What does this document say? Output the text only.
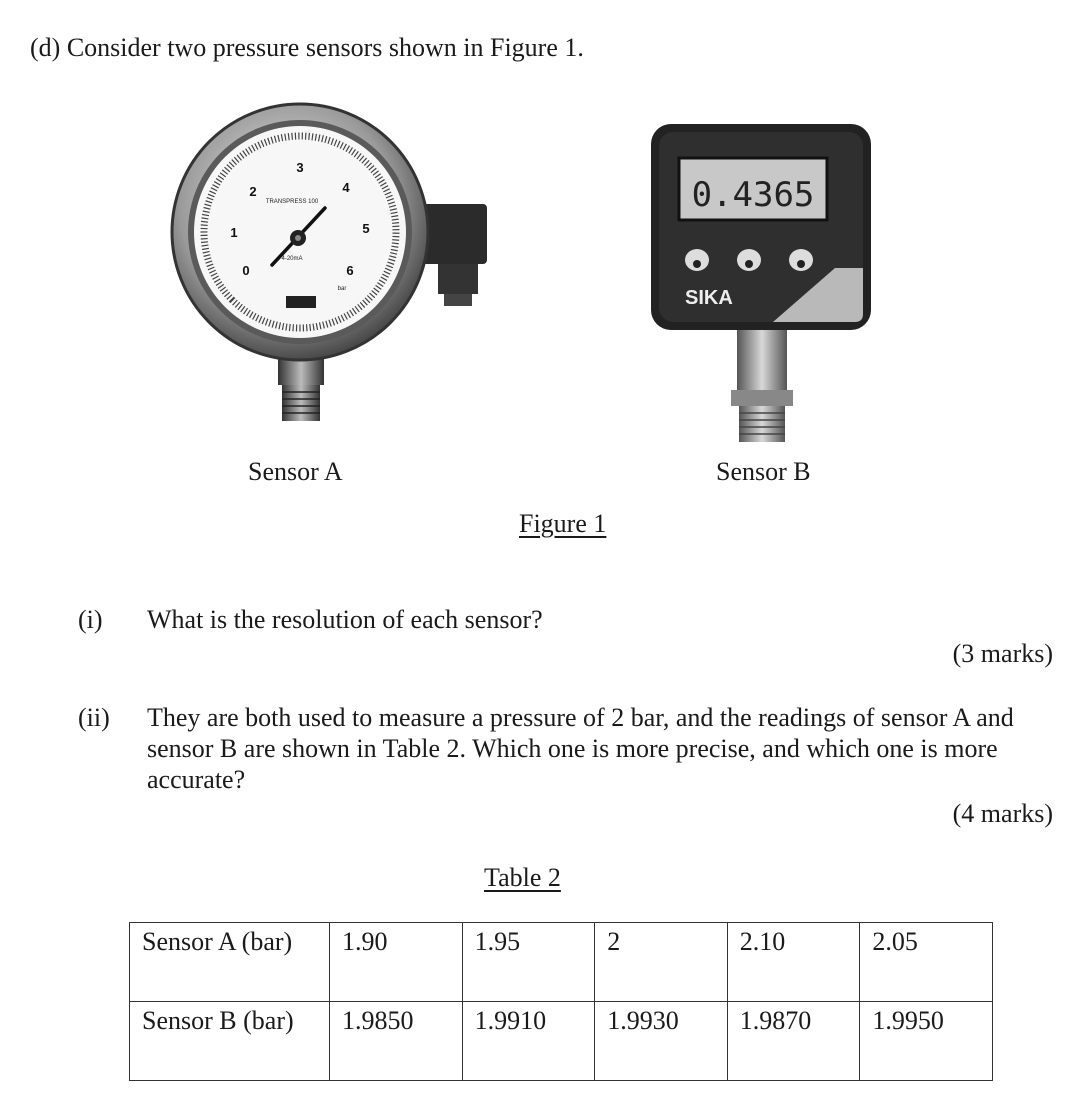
(d) Consider two pressure sensors shown in Figure 1.
0
1
2
3
4
5
6
TRANSPRESS 100
4-20mA
bar
0.4365
SIKA
Sensor A	Sensor B
Figure 1
(i) What is the resolution of each sensor?
(3 marks)
(ii) They are both used to measure a pressure of 2 bar, and the readings of sensor A and sensor B are shown in Table 2. Which one is more precise, and which one is more accurate?
(4 marks)
Table 2
Sensor A (bar)	1.90	1.95	2	2.10	2.05
Sensor B (bar)	1.9850	1.9910	1.9930	1.9870	1.9950
